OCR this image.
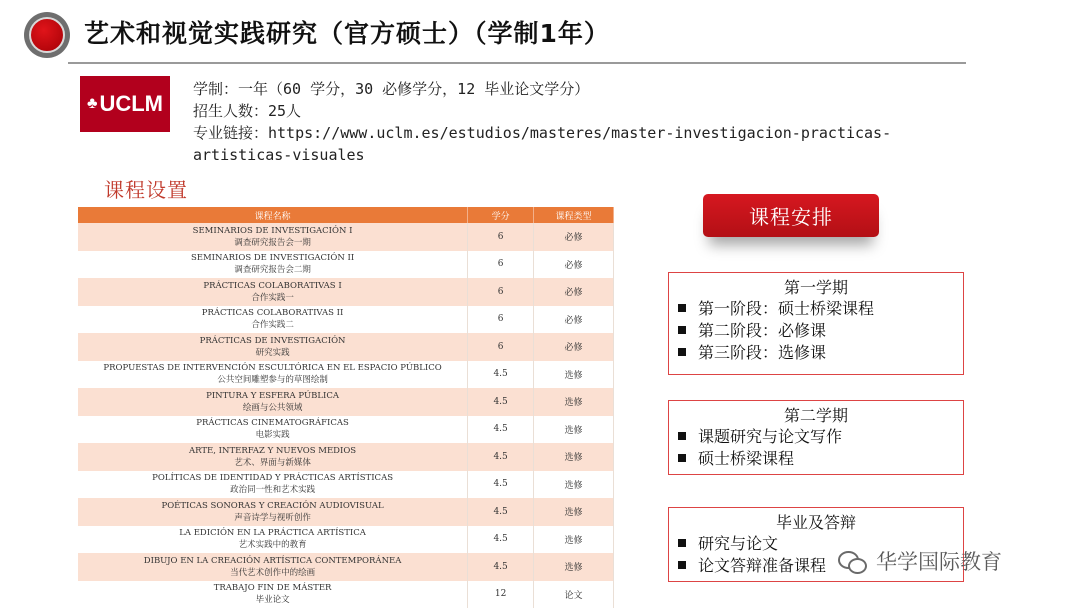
艺术和视觉实践研究（官方硕士）（学制1年）
♣ UCLM
学制：一年（60 学分，30 必修学分，12 毕业论文学分）
招生人数：25人
专业链接：https://www.uclm.es/estudios/masteres/master-investigacion-practicas-
artisticas-visuales
课程设置
课程名称	学分	课程类型

SEMINARIOS DE INVESTIGACIÓN I
调查研究报告会一期	6	必修

SEMINARIOS DE INVESTIGACIÓN II
调查研究报告会二期	6	必修

PRÁCTICAS COLABORATIVAS I
合作实践一	6	必修

PRÁCTICAS COLABORATIVAS II
合作实践二	6	必修

PRÁCTICAS DE INVESTIGACIÓN
研究实践	6	必修

PROPUESTAS DE INTERVENCIÓN ESCULTÓRICA EN EL ESPACIO PÚBLICO
公共空间雕塑参与的草图绘制	4.5	选修

PINTURA Y ESFERA PÚBLICA
绘画与公共领域	4.5	选修

PRÁCTICAS CINEMATOGRÁFICAS
电影实践	4.5	选修

ARTE, INTERFAZ Y NUEVOS MEDIOS
艺术、界面与新媒体	4.5	选修

POLÍTICAS DE IDENTIDAD Y PRÁCTICAS ARTÍSTICAS
政治同一性和艺术实践	4.5	选修

POÉTICAS SONORAS Y CREACIÓN AUDIOVISUAL
声音诗学与视听创作	4.5	选修

LA EDICIÓN EN LA PRÁCTICA ARTÍSTICA
艺术实践中的教育	4.5	选修

DIBUJO EN LA CREACIÓN ARTÍSTICA CONTEMPORÁNEA
当代艺术创作中的绘画	4.5	选修

TRABAJO FIN DE MÁSTER
毕业论文	12	论文
课程安排
第一学期
第一阶段：硕士桥梁课程
第二阶段：必修课
第三阶段：选修课
第二学期
课题研究与论文写作
硕士桥梁课程
毕业及答辩
研究与论文
论文答辩准备课程	华学国际教育
